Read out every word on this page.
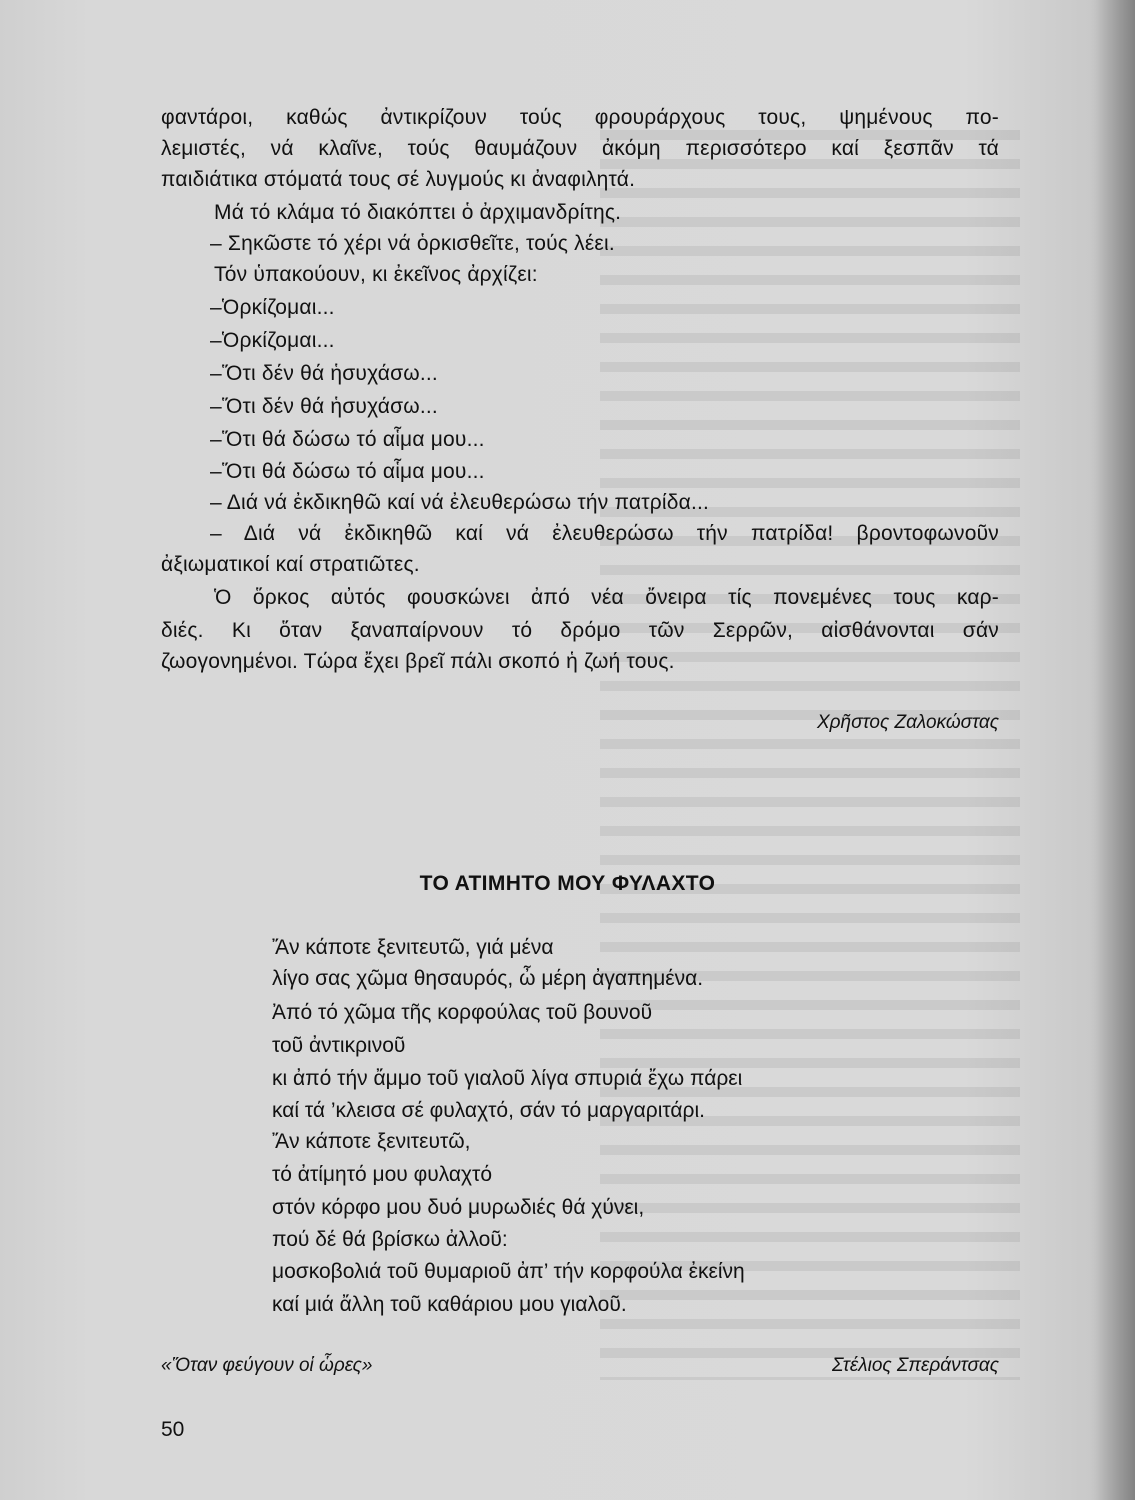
φαντάροι, καθώς ἀντικρίζουν τούς φρουράρχους τους, ψημένους πο-
λεμιστές, νά κλαῖνε, τούς θαυμάζουν ἀκόμη περισσότερο καί ξεσπᾶν τά
παιδιάτικα στόματά τους σέ λυγμούς κι ἀναφιλητά.
Μά τό κλάμα τό διακόπτει ὁ ἀρχιμανδρίτης.
– Σηκῶστε τό χέρι νά ὁρκισθεῖτε, τούς λέει.
Τόν ὑπακούουν, κι ἐκεῖνος ἀρχίζει:
–Ὁρκίζομαι...
–Ὁρκίζομαι...
–Ὅτι δέν θά ἡσυχάσω...
–Ὅτι δέν θά ἡσυχάσω...
–Ὅτι θά δώσω τό αἷμα μου...
–Ὅτι θά δώσω τό αἷμα μου...
– Διά νά ἐκδικηθῶ καί νά ἐλευθερώσω τήν πατρίδα...
– Διά νά ἐκδικηθῶ καί νά ἐλευθερώσω τήν πατρίδα! βροντοφωνοῦν
ἀξιωματικοί καί στρατιῶτες.
Ὁ ὅρκος αὐτός φουσκώνει ἀπό νέα ὄνειρα τίς πονεμένες τους καρ-
διές. Κι ὅταν ξαναπαίρνουν τό δρόμο τῶν Σερρῶν, αἰσθάνονται σάν
ζωογονημένοι. Τώρα ἔχει βρεῖ πάλι σκοπό ἡ ζωή τους.
Χρῆστος Ζαλοκώστας
ΤΟ ΑΤΙΜΗΤΟ ΜΟΥ ΦΥΛΑΧΤΟ
Ἄν κάποτε ξενιτευτῶ, γιά μένα
λίγο σας χῶμα θησαυρός, ὦ μέρη ἀγαπημένα.
Ἀπό τό χῶμα τῆς κορφούλας τοῦ βουνοῦ
τοῦ ἀντικρινοῦ
κι ἀπό τήν ἄμμο τοῦ γιαλοῦ λίγα σπυριά ἔχω πάρει
καί τά ’κλεισα σέ φυλαχτό, σάν τό μαργαριτάρι.
Ἄν κάποτε ξενιτευτῶ,
τό ἀτίμητό μου φυλαχτό
στόν κόρφο μου δυό μυρωδιές θά χύνει,
πού δέ θά βρίσκω ἀλλοῦ:
μοσκοβολιά τοῦ θυμαριοῦ ἀπ’ τήν κορφούλα ἐκείνη
καί μιά ἄλλη τοῦ καθάριου μου γιαλοῦ.
«Ὅταν φεύγουν οἱ ὧρες»	Στέλιος Σπεράντσας
50
